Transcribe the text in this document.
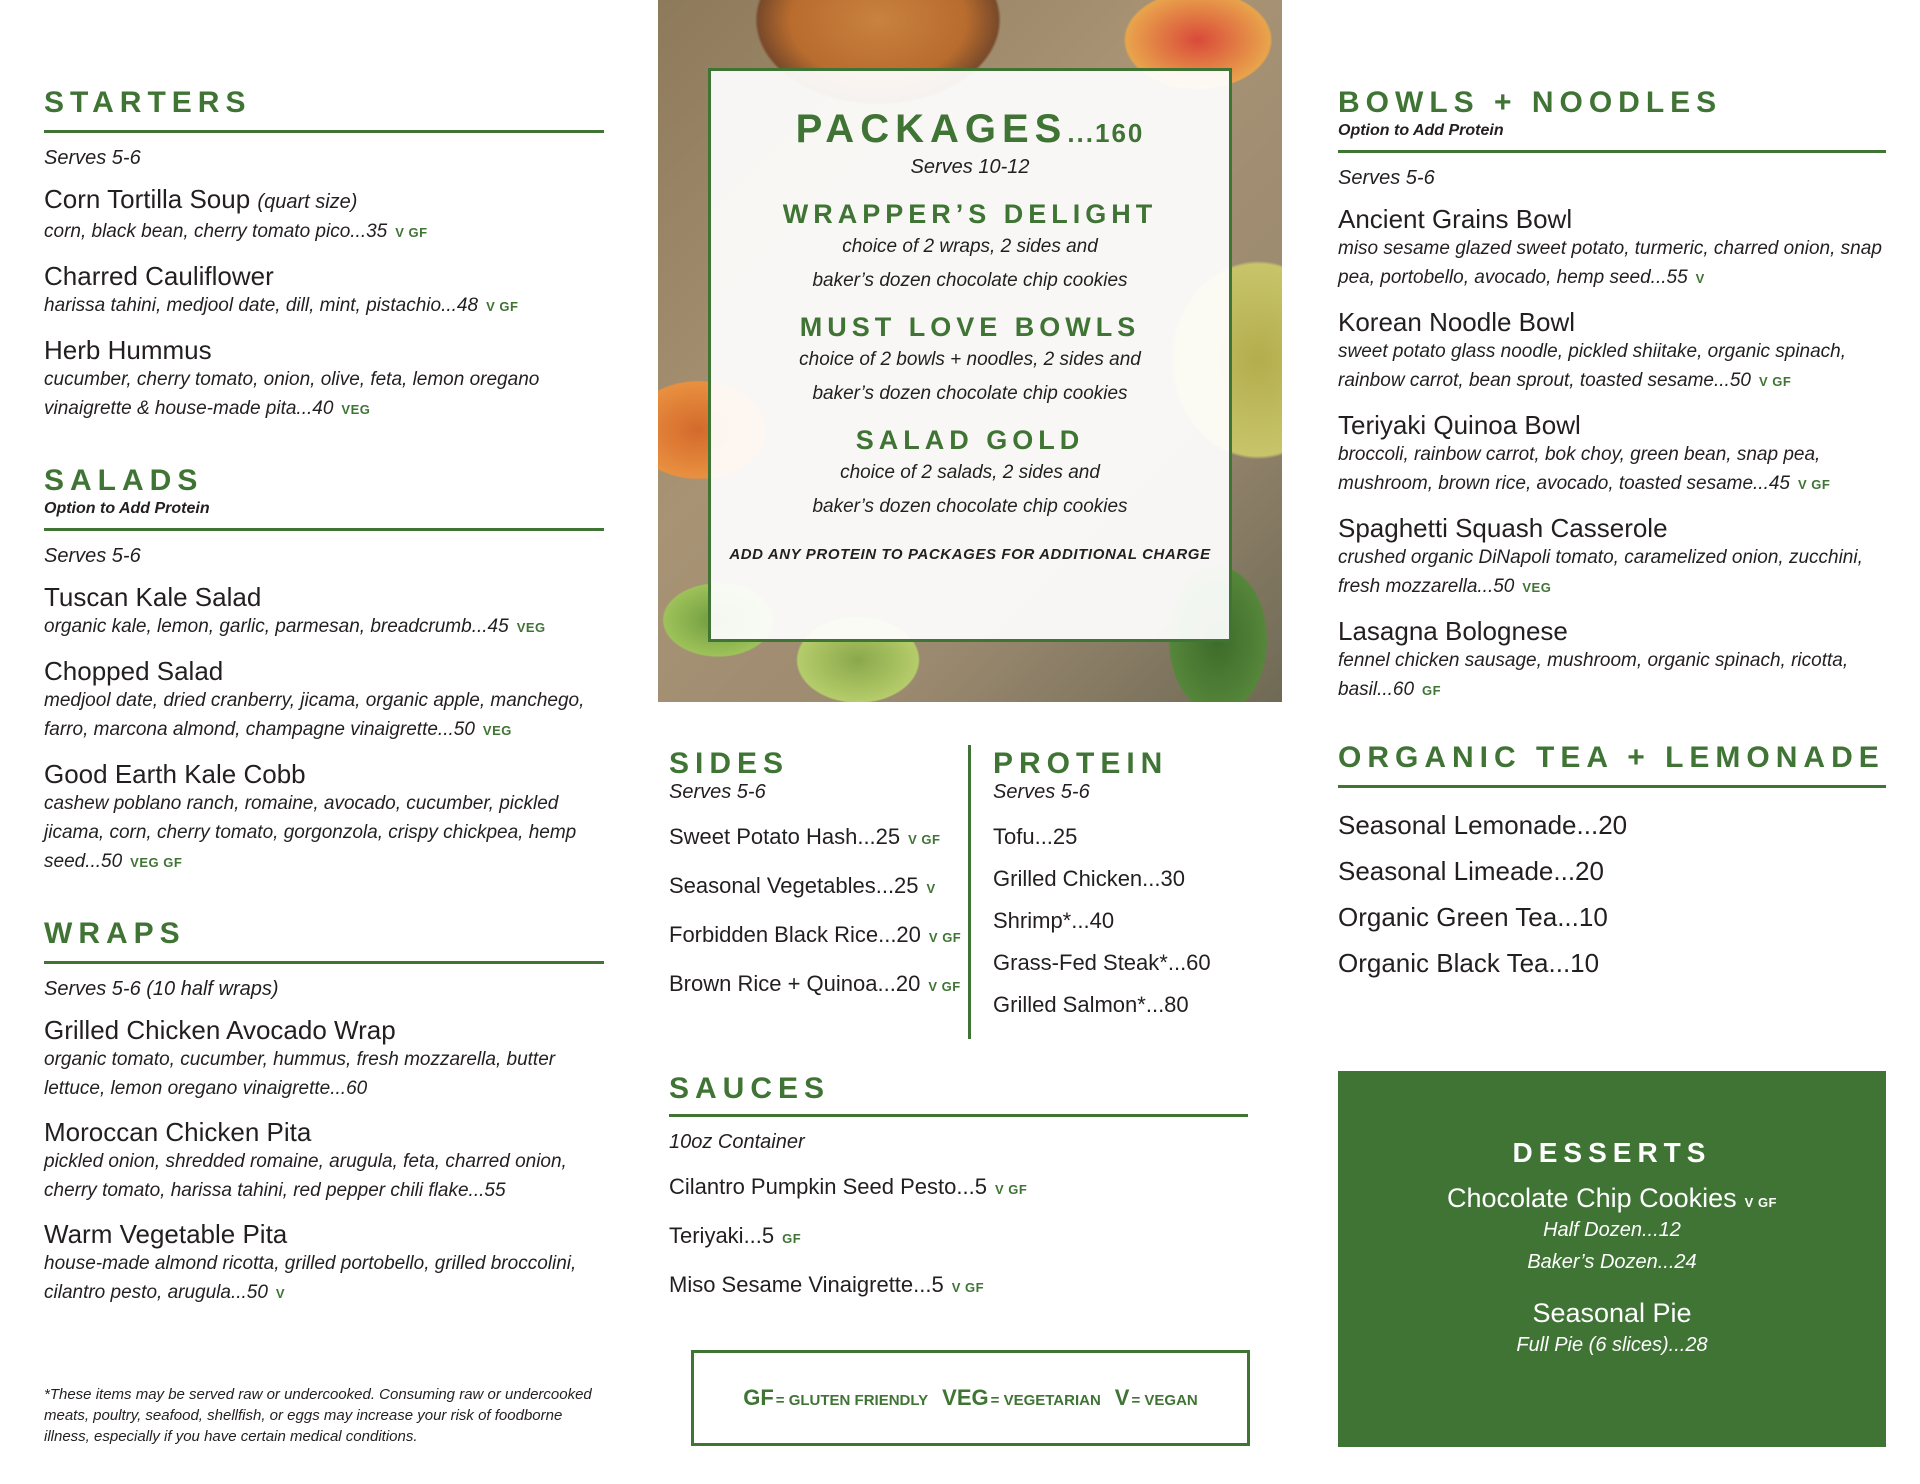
STARTERS
Serves 5-6
Corn Tortilla Soup (quart size)
corn, black bean, cherry tomato pico...35 V GF
Charred Cauliflower
harissa tahini, medjool date, dill, mint, pistachio...48 V GF
Herb Hummus
cucumber, cherry tomato, onion, olive, feta, lemon oregano vinaigrette & house-made pita...40 VEG
SALADS
Option to Add Protein
Serves 5-6
Tuscan Kale Salad
organic kale, lemon, garlic, parmesan, breadcrumb...45 VEG
Chopped Salad
medjool date, dried cranberry, jicama, organic apple, manchego, farro, marcona almond, champagne vinaigrette...50 VEG
Good Earth Kale Cobb
cashew poblano ranch, romaine, avocado, cucumber, pickled jicama, corn, cherry tomato, gorgonzola, crispy chickpea, hemp seed...50 VEG GF
WRAPS
Serves 5-6 (10 half wraps)
Grilled Chicken Avocado Wrap
organic tomato, cucumber, hummus, fresh mozzarella, butter lettuce, lemon oregano vinaigrette...60
Moroccan Chicken Pita
pickled onion, shredded romaine, arugula, feta, charred onion, cherry tomato, harissa tahini, red pepper chili flake...55
Warm Vegetable Pita
house-made almond ricotta, grilled portobello, grilled broccolini, cilantro pesto, arugula...50 V
*These items may be served raw or undercooked. Consuming raw or undercooked meats, poultry, seafood, shellfish, or eggs may increase your risk of foodborne illness, especially if you have certain medical conditions.
PACKAGES...160
Serves 10-12
WRAPPER’S DELIGHT
choice of 2 wraps, 2 sides and
baker’s dozen chocolate chip cookies
MUST LOVE BOWLS
choice of 2 bowls + noodles, 2 sides and
baker’s dozen chocolate chip cookies
SALAD GOLD
choice of 2 salads, 2 sides and
baker’s dozen chocolate chip cookies
ADD ANY PROTEIN TO PACKAGES FOR ADDITIONAL CHARGE
SIDES
Serves 5-6
Sweet Potato Hash...25 V GF
Seasonal Vegetables...25 V
Forbidden Black Rice...20 V GF
Brown Rice + Quinoa...20 V GF
PROTEIN
Serves 5-6
Tofu...25
Grilled Chicken...30
Shrimp*...40
Grass-Fed Steak*...60
Grilled Salmon*...80
SAUCES
10oz Container
Cilantro Pumpkin Seed Pesto...5 V GF
Teriyaki...5 GF
Miso Sesame Vinaigrette...5 V GF
GF = GLUTEN FRIENDLY VEG = VEGETARIAN V = VEGAN
BOWLS + NOODLES
Option to Add Protein
Serves 5-6
Ancient Grains Bowl
miso sesame glazed sweet potato, turmeric, charred onion, snap pea, portobello, avocado, hemp seed...55 V
Korean Noodle Bowl
sweet potato glass noodle, pickled shiitake, organic spinach, rainbow carrot, bean sprout, toasted sesame...50 V GF
Teriyaki Quinoa Bowl
broccoli, rainbow carrot, bok choy, green bean, snap pea, mushroom, brown rice, avocado, toasted sesame...45 V GF
Spaghetti Squash Casserole
crushed organic DiNapoli tomato, caramelized onion, zucchini, fresh mozzarella...50 VEG
Lasagna Bolognese
fennel chicken sausage, mushroom, organic spinach, ricotta, basil...60 GF
ORGANIC TEA + LEMONADE
Seasonal Lemonade...20
Seasonal Limeade...20
Organic Green Tea...10
Organic Black Tea...10
DESSERTS
Chocolate Chip Cookies V GF
Half Dozen...12
Baker’s Dozen...24
Seasonal Pie
Full Pie (6 slices)...28
